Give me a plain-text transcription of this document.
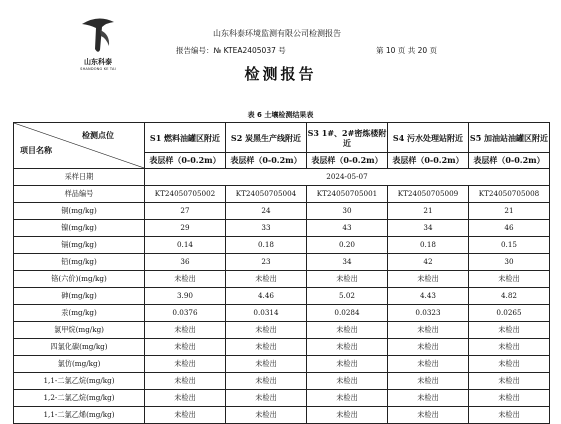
山东科泰
SHANDONG KE TAI
山东科泰环境监测有限公司检测报告
报告编号：№ KTEA2405037 号	第 10 页 共 20 页
检测报告
表 6 土壤检测结果表
检测点位
项目名称	S1 燃料油罐区附近	S2 炭黑生产线附近	S3 1#、2#密炼楼附近	S4 污水处理站附近	S5 加油站油罐区附近
	表层样（0-0.2m）	表层样（0-0.2m）	表层样（0-0.2m）	表层样（0-0.2m）	表层样（0-0.2m）
采样日期	2024-05-07				
样品编号	KT24050705002	KT24050705004	KT24050705001	KT24050705009	KT24050705008
铜(mg/kg)	27	24	30	21	21
镍(mg/kg)	29	33	43	34	46
镉(mg/kg)	0.14	0.18	0.20	0.18	0.15
铅(mg/kg)	36	23	34	42	30
铬(六价)(mg/kg)	未检出	未检出	未检出	未检出	未检出
砷(mg/kg)	3.90	4.46	5.02	4.43	4.82
汞(mg/kg)	0.0376	0.0314	0.0284	0.0323	0.0265
氯甲烷(mg/kg)	未检出	未检出	未检出	未检出	未检出
四氯化碳(mg/kg)	未检出	未检出	未检出	未检出	未检出
氯仿(mg/kg)	未检出	未检出	未检出	未检出	未检出
1,1-二氯乙烷(mg/kg)	未检出	未检出	未检出	未检出	未检出
1,2-二氯乙烷(mg/kg)	未检出	未检出	未检出	未检出	未检出
1,1-二氯乙烯(mg/kg)	未检出	未检出	未检出	未检出	未检出
